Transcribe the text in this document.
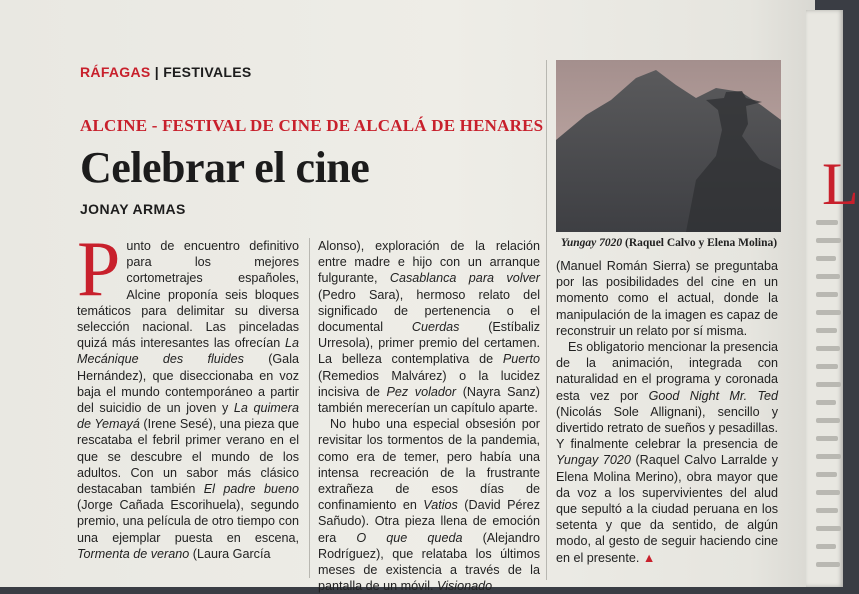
RÁFAGAS | FESTIVALES
ALCINE - FESTIVAL DE CINE DE ALCALÁ DE HENARES
Celebrar el cine
JONAY ARMAS
P unto de encuentro definitivo para los mejores cortometrajes españoles, Alcine proponía seis bloques temáticos para delimitar su diversa selección nacional. Las pinceladas quizá más interesantes las ofrecían La Mecánique des fluides (Gala Hernández), que diseccionaba en voz baja el mundo contemporáneo a partir del suicidio de un joven y La quimera de Yemayá (Irene Sesé), una pieza que rescataba el febril primer verano en el que se descubre el mundo de los adultos. Con un sabor más clásico destacaban también El padre bueno (Jorge Cañada Escorihuela), segundo premio, una película de otro tiempo con una ejemplar puesta en escena, Tormenta de verano (Laura García

Alonso), exploración de la relación entre madre e hijo con un arranque fulgurante, Casablanca para volver (Pedro Sara), hermoso relato del significado de pertenencia o el documental Cuerdas (Estíbaliz Urresola), primer premio del certamen. La belleza contemplativa de Puerto (Remedios Malvárez) o la lucidez incisiva de Pez volador (Nayra Sanz) también merecerían un capítulo aparte.

No hubo una especial obsesión por revisitar los tormentos de la pandemia, como era de temer, pero había una intensa recreación de la frustrante extrañeza de esos días de confinamiento en Vatios (David Pérez Sañudo). Otra pieza llena de emoción era O que queda (Alejandro Rodríguez), que relataba los últimos meses de existencia a través de la pantalla de un móvil. Visionado

Yungay 7020 (Raquel Calvo y Elena Molina)

(Manuel Román Sierra) se preguntaba por las posibilidades del cine en un momento como el actual, donde la manipulación de la imagen es capaz de reconstruir un relato por sí misma.

Es obligatorio mencionar la presencia de la animación, integrada con naturalidad en el programa y coronada esta vez por Good Night Mr. Ted (Nicolás Sole Allignani), sencillo y divertido retrato de sueños y pesadillas. Y finalmente celebrar la presencia de Yungay 7020 (Raquel Calvo Larralde y Elena Molina Merino), obra mayor que da voz a los supervivientes del alud que sepultó a la ciudad peruana en los setenta y que da sentido, de algún modo, al gesto de seguir haciendo cine en el presente. ▲

L
